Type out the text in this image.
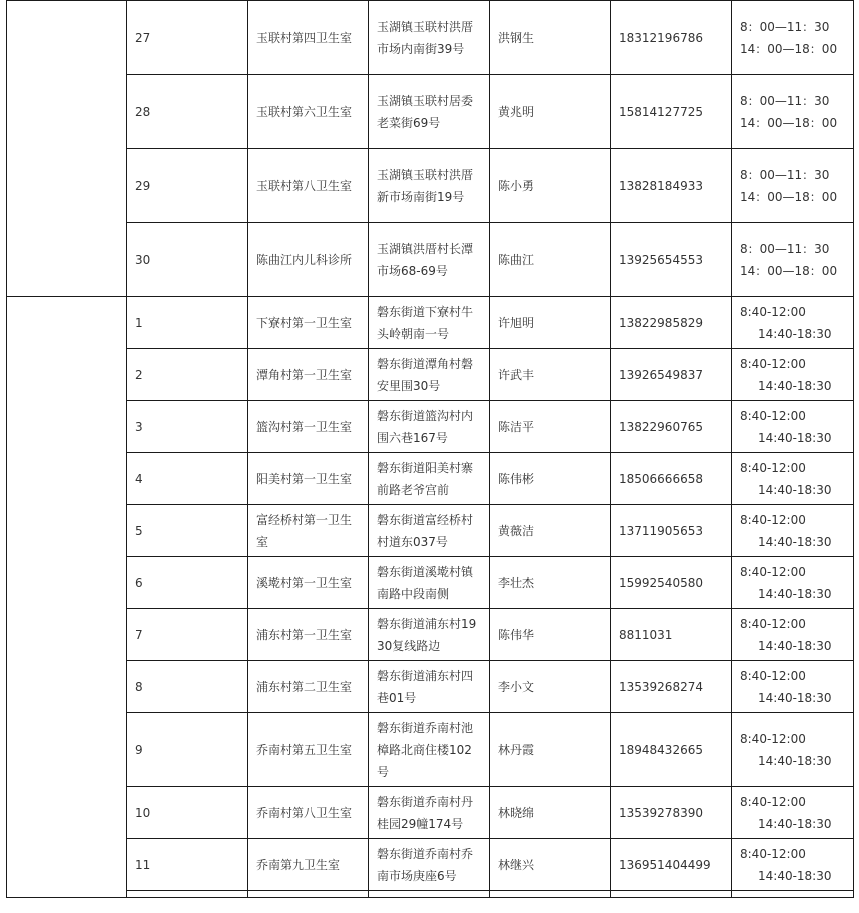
	27	玉联村第四卫生室	玉湖镇玉联村洪厝市场内南街39号	洪钢生	18312196786	8：00—11：30　14：00—18：00
	28	玉联村第六卫生室	玉湖镇玉联村居委老菜街69号	黄兆明	15814127725	8：00—11：30　14：00—18：00
	29	玉联村第八卫生室	玉湖镇玉联村洪厝新市场南街19号	陈小勇	13828184933	8：00—11：30　14：00—18：00
	30	陈曲江内儿科诊所	玉湖镇洪厝村长潭市场68-69号	陈曲江	13925654553	8：00—11：30　14：00—18：00
	1	下寮村第一卫生室	磐东街道下寮村牛头岭朝南一号	许旭明	13822985829	8:40-12:00
14:40-18:30

	2	潭角村第一卫生室	磐东街道潭角村磐安里围30号	许武丰	13926549837	8:40-12:00
14:40-18:30

	3	篮沟村第一卫生室	磐东街道篮沟村内围六巷167号	陈洁平	13822960765	8:40-12:00
14:40-18:30

	4	阳美村第一卫生室	磐东街道阳美村寨前路老爷宫前	陈伟彬	18506666658	8:40-12:00
14:40-18:30

	5	富经桥村第一卫生室	磐东街道富经桥村村道东037号	黄薇洁	13711905653	8:40-12:00
14:40-18:30

	6	溪墘村第一卫生室	磐东街道溪墘村镇南路中段南侧	李壮杰	15992540580	8:40-12:00
14:40-18:30

	7	浦东村第一卫生室	磐东街道浦东村1930复线路边	陈伟华	8811031	8:40-12:00
14:40-18:30

	8	浦东村第二卫生室	磐东街道浦东村四巷01号	李小文	13539268274	8:40-12:00
14:40-18:30

	9	乔南村第五卫生室	磐东街道乔南村池樟路北商住楼102号	林丹霞	18948432665	8:40-12:00
14:40-18:30

	10	乔南村第八卫生室	磐东街道乔南村丹桂园29幢174号	林晓绵	13539278390	8:40-12:00
14:40-18:30

	11	乔南第九卫生室	磐东街道乔南村乔南市场庚座6号	林继兴	136951404499	8:40-12:00
14:40-18:30
